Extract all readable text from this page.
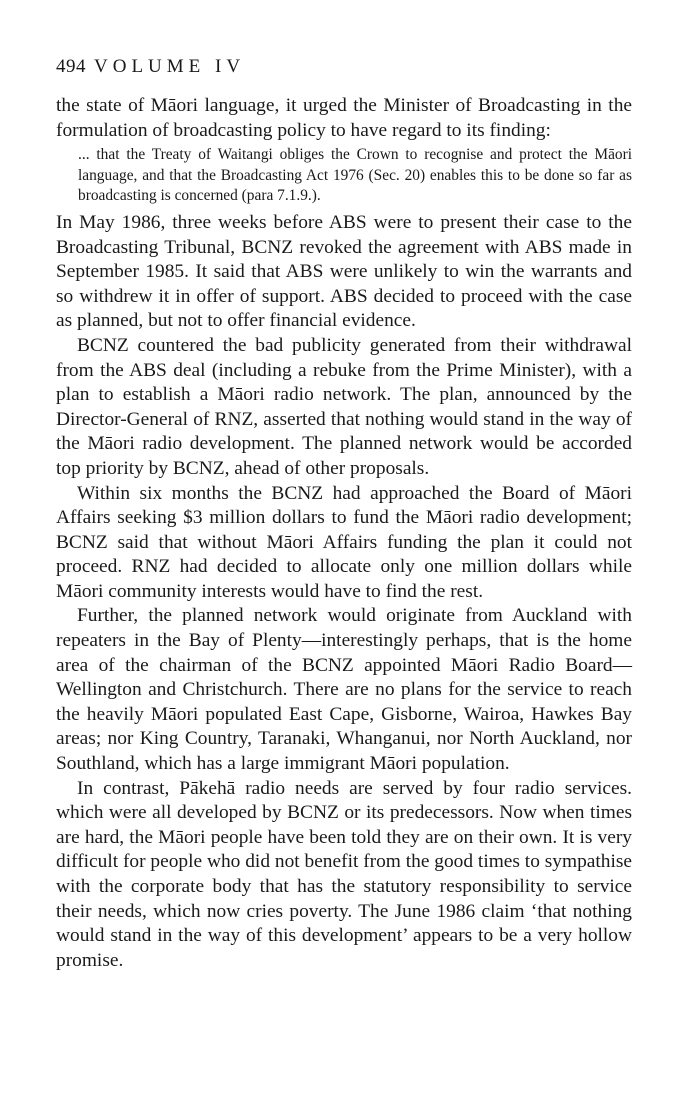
494 VOLUME IV

the state of Māori language, it urged the Minister of Broadcasting in the formulation of broadcasting policy to have regard to its finding:

... that the Treaty of Waitangi obliges the Crown to recognise and protect the Māori language, and that the Broadcasting Act 1976 (Sec. 20) enables this to be done so far as broadcasting is concerned (para 7.1.9.).

In May 1986, three weeks before ABS were to present their case to the Broadcasting Tribunal, BCNZ revoked the agreement with ABS made in September 1985. It said that ABS were unlikely to win the warrants and so withdrew it in offer of support. ABS decided to proceed with the case as planned, but not to offer financial evidence.

BCNZ countered the bad publicity generated from their withdrawal from the ABS deal (including a rebuke from the Prime Minister), with a plan to establish a Māori radio network. The plan, announced by the Director-General of RNZ, asserted that nothing would stand in the way of the Māori radio development. The planned network would be accorded top priority by BCNZ, ahead of other proposals.

Within six months the BCNZ had approached the Board of Māori Affairs seeking $3 million dollars to fund the Māori radio development; BCNZ said that without Māori Affairs funding the plan it could not proceed. RNZ had decided to allocate only one million dollars while Māori community interests would have to find the rest.

Further, the planned network would originate from Auckland with repeaters in the Bay of Plenty—interestingly perhaps, that is the home area of the chairman of the BCNZ appointed Māori Radio Board—Wellington and Christchurch. There are no plans for the service to reach the heavily Māori populated East Cape, Gisborne, Wairoa, Hawkes Bay areas; nor King Country, Taranaki, Whanganui, nor North Auckland, nor Southland, which has a large immigrant Māori population.

In contrast, Pākehā radio needs are served by four radio services. which were all developed by BCNZ or its predecessors. Now when times are hard, the Māori people have been told they are on their own. It is very difficult for people who did not benefit from the good times to sympathise with the corporate body that has the statutory responsibility to service their needs, which now cries poverty. The June 1986 claim ‘that nothing would stand in the way of this development’ appears to be a very hollow promise.
